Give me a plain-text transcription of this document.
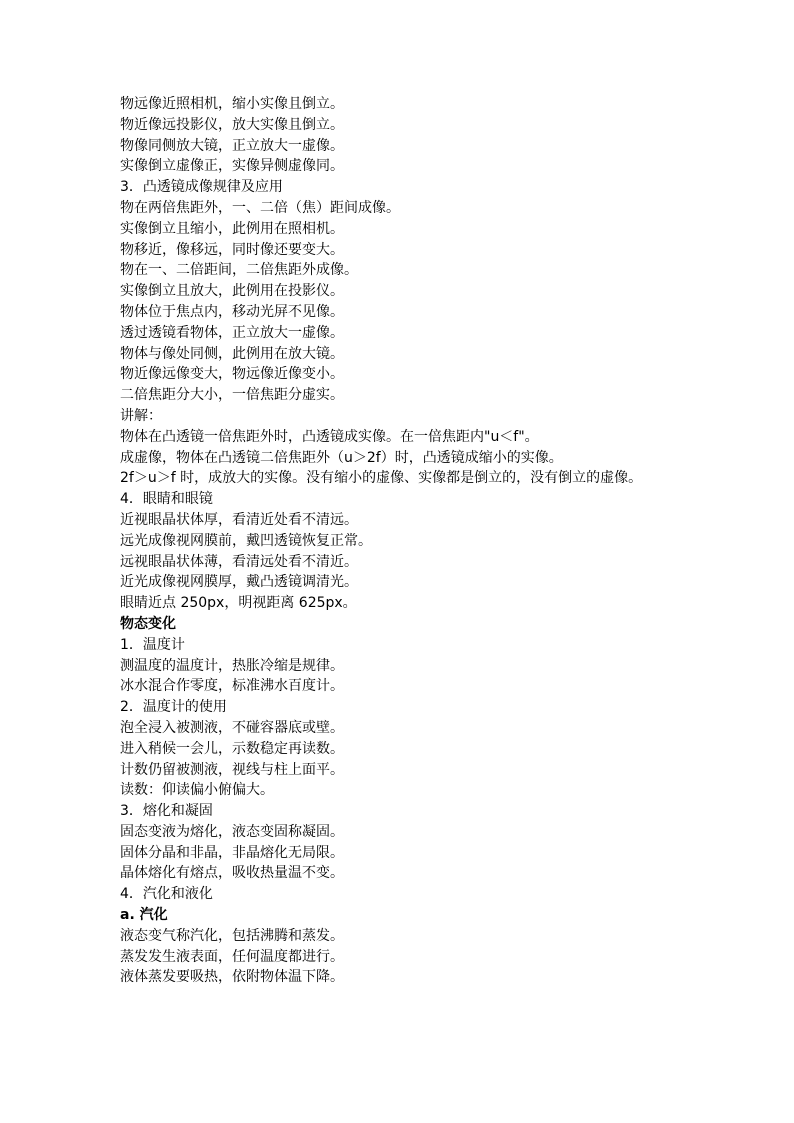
物远像近照相机，缩小实像且倒立。
物近像远投影仪，放大实像且倒立。
物像同侧放大镜，正立放大一虚像。
实像倒立虚像正，实像异侧虚像同。
3．凸透镜成像规律及应用
物在两倍焦距外，一、二倍（焦）距间成像。
实像倒立且缩小，此例用在照相机。
物移近，像移远，同时像还要变大。
物在一、二倍距间，二倍焦距外成像。
实像倒立且放大，此例用在投影仪。
物体位于焦点内，移动光屏不见像。
透过透镜看物体，正立放大一虚像。
物体与像处同侧，此例用在放大镜。
物近像远像变大，物远像近像变小。
二倍焦距分大小，一倍焦距分虚实。
讲解：
物体在凸透镜一倍焦距外时，凸透镜成实像。在一倍焦距内"u＜f"。
成虚像，物体在凸透镜二倍焦距外（u＞2f）时，凸透镜成缩小的实像。
2f＞u＞f 时，成放大的实像。没有缩小的虚像、实像都是倒立的，没有倒立的虚像。
4．眼睛和眼镜
近视眼晶状体厚，看清近处看不清远。
远光成像视网膜前，戴凹透镜恢复正常。
远视眼晶状体薄，看清远处看不清近。
近光成像视网膜厚，戴凸透镜调清光。
眼睛近点 250px，明视距离 625px。
物态变化
1．温度计
测温度的温度计，热胀冷缩是规律。
冰水混合作零度，标准沸水百度计。
2．温度计的使用
泡全浸入被测液，不碰容器底或壁。
进入稍候一会儿，示数稳定再读数。
计数仍留被测液，视线与柱上面平。
读数：仰读偏小俯偏大。
3．熔化和凝固
固态变液为熔化，液态变固称凝固。
固体分晶和非晶，非晶熔化无局限。
晶体熔化有熔点，吸收热量温不变。
4．汽化和液化
a. 汽化
液态变气称汽化，包括沸腾和蒸发。
蒸发发生液表面，任何温度都进行。
液体蒸发要吸热，依附物体温下降。
